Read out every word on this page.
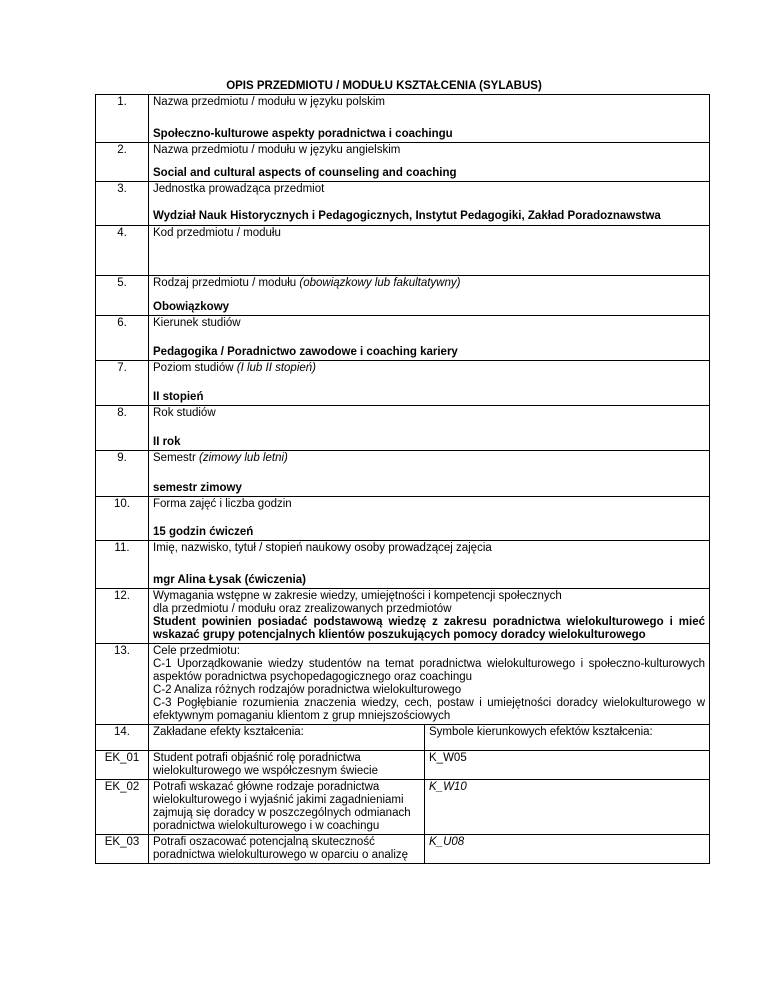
OPIS PRZEDMIOTU / MODUŁU KSZTAŁCENIA (SYLABUS)
1.	Nazwa przedmiotu / modułu w języku polskim
Społeczno-kulturowe aspekty poradnictwa i coachingu	

2.	Nazwa przedmiotu / modułu w języku angielskim
Social and cultural aspects of counseling and coaching	

3.	Jednostka prowadząca przedmiot
Wydział Nauk Historycznych i Pedagogicznych, Instytut Pedagogiki, Zakład Poradoznawstwa	

4.	Kod przedmiotu / modułu	

5.	Rodzaj przedmiotu / modułu (obowiązkowy lub fakultatywny)
Obowiązkowy	

6.	Kierunek studiów
Pedagogika / Poradnictwo zawodowe i coaching kariery	

7.	Poziom studiów (I lub II stopień)
II stopień	

8.	Rok studiów
II rok	

9.	Semestr (zimowy lub letni)
semestr zimowy	

10.	Forma zajęć i liczba godzin
15 godzin ćwiczeń	

11.	Imię, nazwisko, tytuł / stopień naukowy osoby prowadzącej zajęcia
mgr Alina Łysak (ćwiczenia)	

12.	Wymagania wstępne w zakresie wiedzy, umiejętności i kompetencji społecznych
dla przedmiotu / modułu oraz zrealizowanych przedmiotów
Student powinien posiadać podstawową wiedzę z zakresu poradnictwa wielokulturowego i mieć wskazać grupy potencjalnych klientów poszukujących pomocy doradcy wielokulturowego	

13.	Cele przedmiotu:
C-1 Uporządkowanie wiedzy studentów na temat poradnictwa wielokulturowego i społeczno-kulturowych aspektów poradnictwa psychopedagogicznego oraz coachingu
C-2 Analiza różnych rodzajów poradnictwa wielokulturowego
C-3 Pogłębianie rozumienia znaczenia wiedzy, cech, postaw i umiejętności doradcy wielokulturowego w efektywnym pomaganiu klientom z grup mniejszościowych	

14.	Zakładane efekty kształcenia:	Symbole kierunkowych efektów kształcenia:
EK_01	Student potrafi objaśnić rolę poradnictwa wielokulturowego we współczesnym świecie	K_W05
EK_02	Potrafi wskazać główne rodzaje poradnictwa wielokulturowego i wyjaśnić jakimi zagadnieniami zajmują się doradcy w poszczególnych odmianach poradnictwa wielokulturowego i w coachingu	K_W10
EK_03	Potrafi oszacować potencjalną skuteczność poradnictwa wielokulturowego w oparciu o analizę	K_U08
